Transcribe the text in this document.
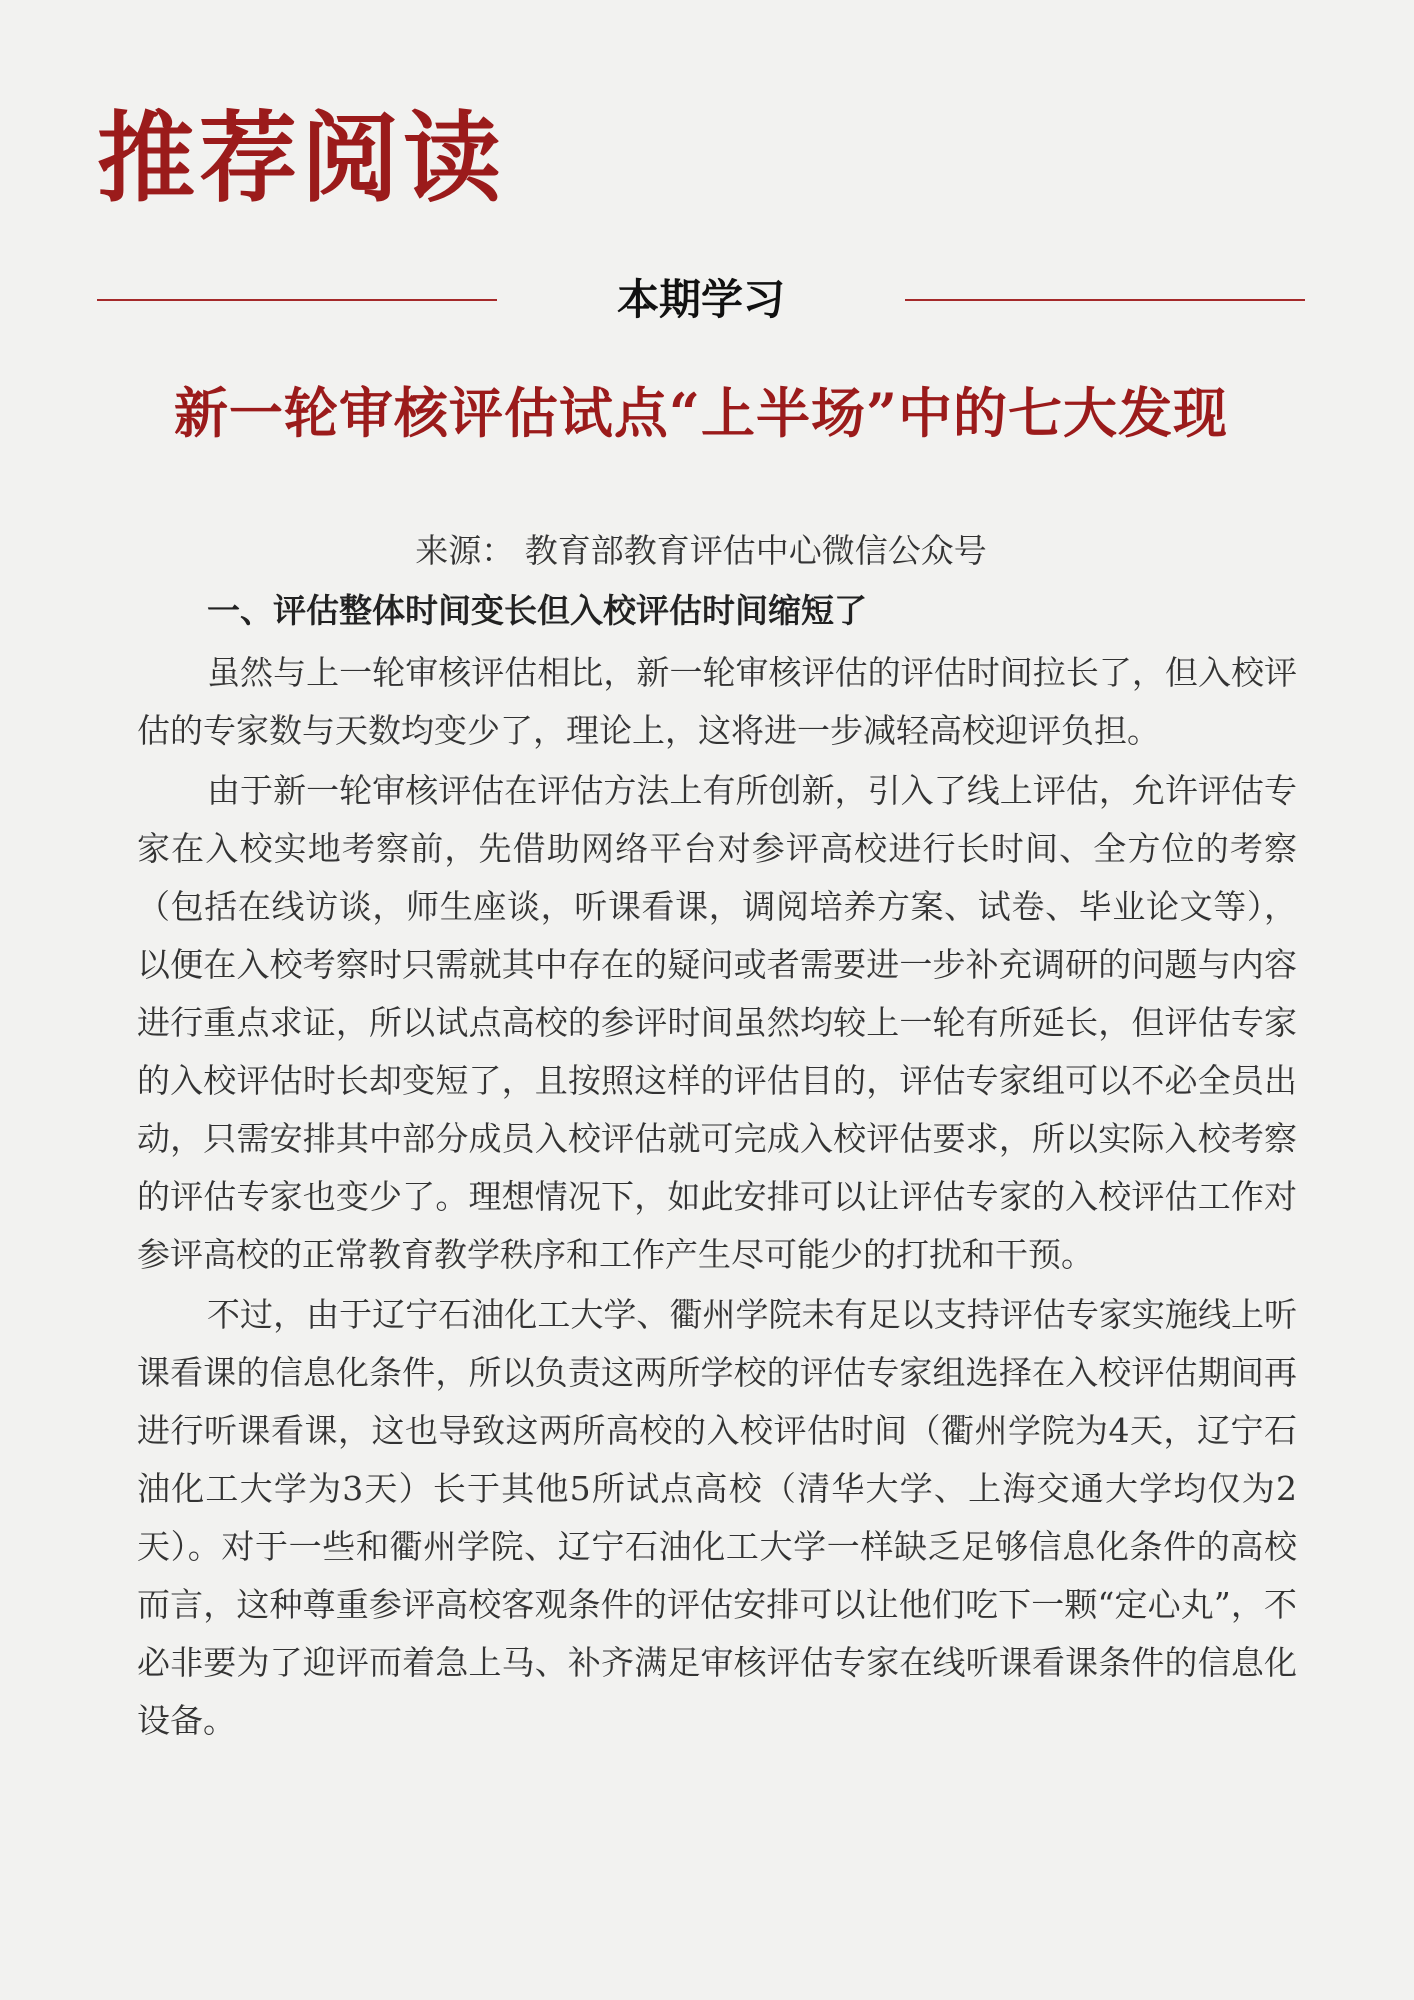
推荐阅读
本期学习
新一轮审核评估试点“上半场”中的七大发现
来源： 教育部教育评估中心微信公众号

一、评估整体时间变长但入校评估时间缩短了

虽然与上一轮审核评估相比，新一轮审核评估的评估时间拉长了，但入校评估的专家数与天数均变少了，理论上，这将进一步减轻高校迎评负担。

由于新一轮审核评估在评估方法上有所创新，引入了线上评估，允许评估专家在入校实地考察前，先借助网络平台对参评高校进行长时间、全方位的考察（包括在线访谈，师生座谈，听课看课，调阅培养方案、试卷、毕业论文等），以便在入校考察时只需就其中存在的疑问或者需要进一步补充调研的问题与内容进行重点求证，所以试点高校的参评时间虽然均较上一轮有所延长，但评估专家的入校评估时长却变短了，且按照这样的评估目的，评估专家组可以不必全员出动，只需安排其中部分成员入校评估就可完成入校评估要求，所以实际入校考察的评估专家也变少了。理想情况下，如此安排可以让评估专家的入校评估工作对参评高校的正常教育教学秩序和工作产生尽可能少的打扰和干预。

不过，由于辽宁石油化工大学、衢州学院未有足以支持评估专家实施线上听课看课的信息化条件，所以负责这两所学校的评估专家组选择在入校评估期间再进行听课看课，这也导致这两所高校的入校评估时间（衢州学院为4天，辽宁石油化工大学为3天）长于其他5所试点高校（清华大学、上海交通大学均仅为2天）。对于一些和衢州学院、辽宁石油化工大学一样缺乏足够信息化条件的高校而言，这种尊重参评高校客观条件的评估安排可以让他们吃下一颗“定心丸”，不必非要为了迎评而着急上马、补齐满足审核评估专家在线听课看课条件的信息化设备。
